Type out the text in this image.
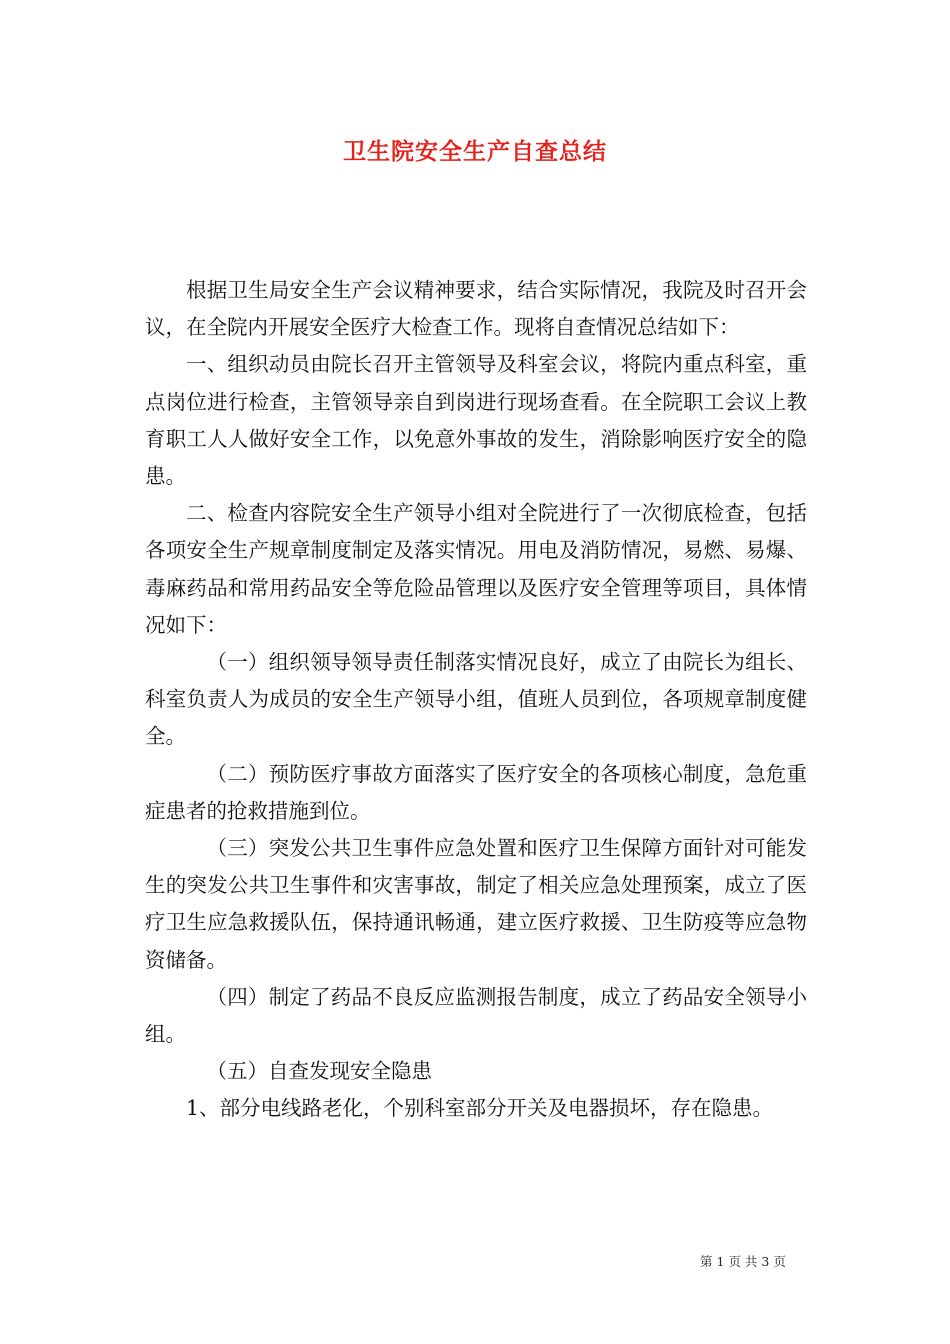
卫生院安全生产自查总结

根据卫生局安全生产会议精神要求，结合实际情况，我院及时召开会议，在全院内开展安全医疗大检查工作。现将自查情况总结如下：

一、组织动员由院长召开主管领导及科室会议，将院内重点科室，重点岗位进行检查，主管领导亲自到岗进行现场查看。在全院职工会议上教育职工人人做好安全工作，以免意外事故的发生，消除影响医疗安全的隐患。

二、检查内容院安全生产领导小组对全院进行了一次彻底检查，包括各项安全生产规章制度制定及落实情况。用电及消防情况，易燃、易爆、毒麻药品和常用药品安全等危险品管理以及医疗安全管理等项目，具体情况如下：

（一）组织领导领导责任制落实情况良好，成立了由院长为组长、科室负责人为成员的安全生产领导小组，值班人员到位，各项规章制度健全。

（二）预防医疗事故方面落实了医疗安全的各项核心制度，急危重症患者的抢救措施到位。

（三）突发公共卫生事件应急处置和医疗卫生保障方面针对可能发生的突发公共卫生事件和灾害事故，制定了相关应急处理预案，成立了医疗卫生应急救援队伍，保持通讯畅通，建立医疗救援、卫生防疫等应急物资储备。

（四）制定了药品不良反应监测报告制度，成立了药品安全领导小组。

（五）自查发现安全隐患

1、部分电线路老化，个别科室部分开关及电器损坏，存在隐患。

第 1 页 共 3 页
